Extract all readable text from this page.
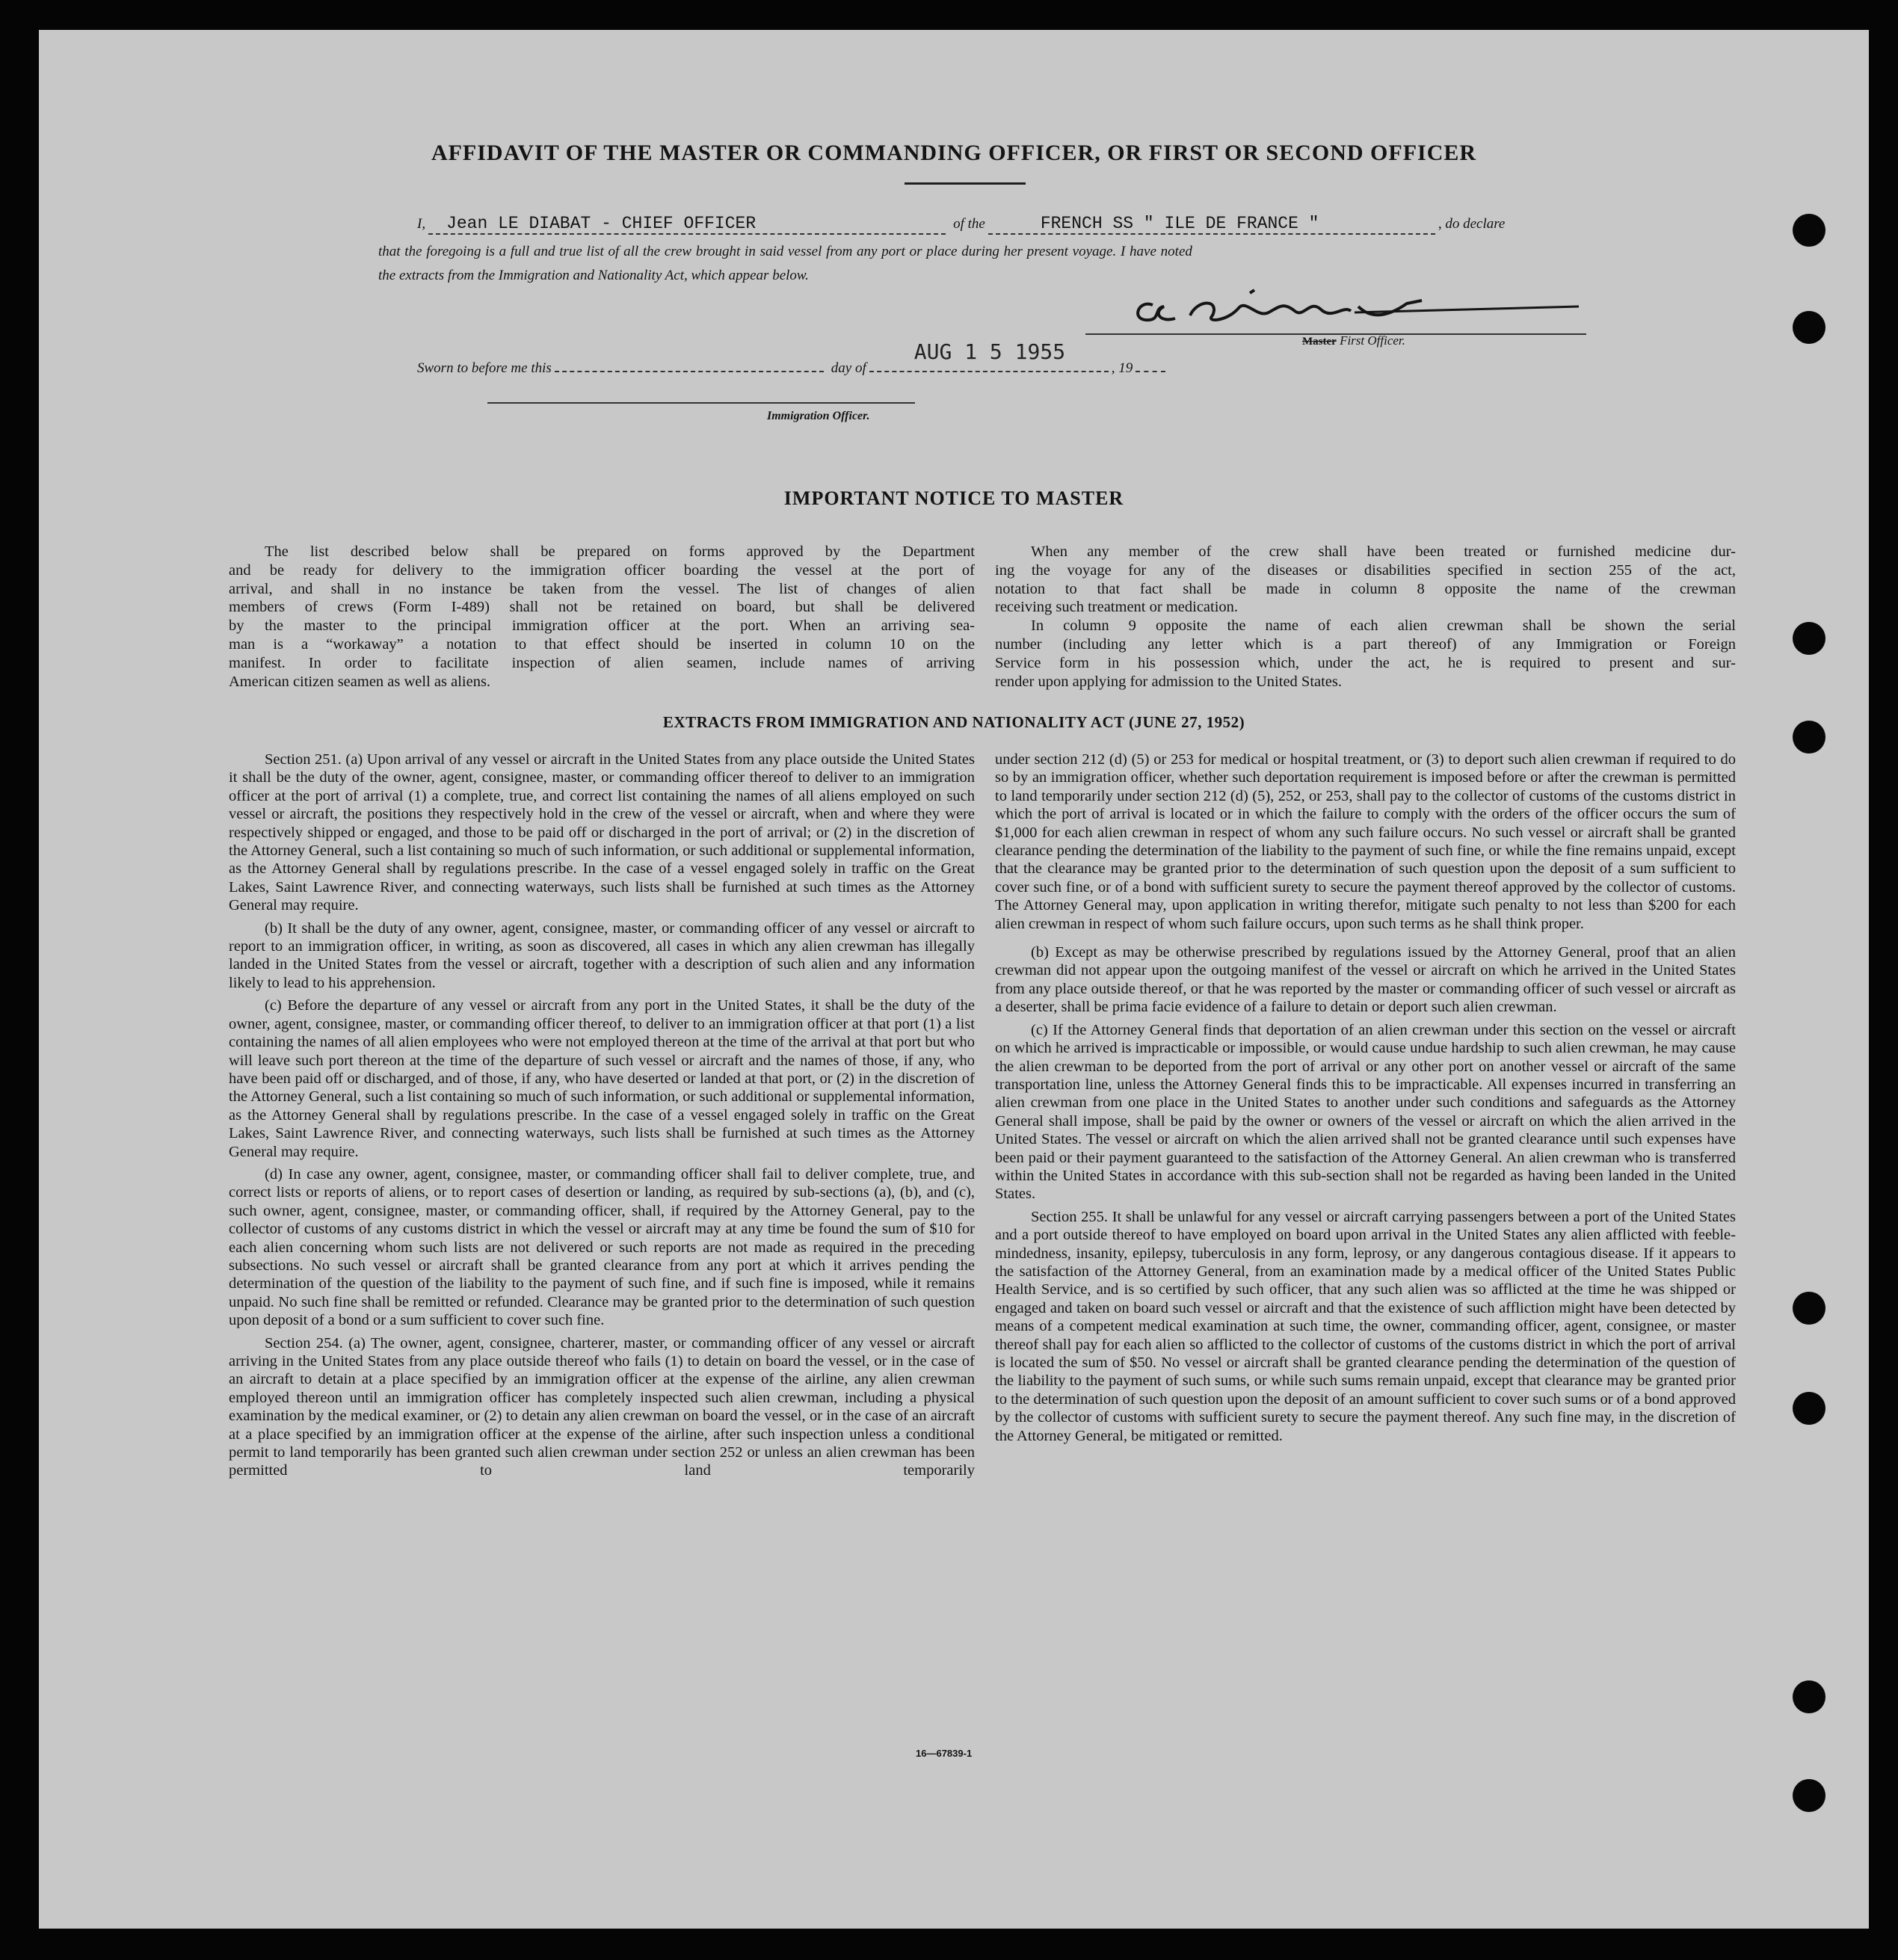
AFFIDAVIT OF THE MASTER OR COMMANDING OFFICER, OR FIRST OR SECOND OFFICER
I, Jean LE DIABAT - CHIEF OFFICER	of the	FRENCH SS " ILE DE FRANCE "	, do declare
that the foregoing is a full and true list of all the crew brought in said vessel from any port or place during her present voyage. I have noted
the extracts from the Immigration and Nationality Act, which appear below.
Master First Officer.
Sworn to before me this	day of
AUG 1 5 1955
, 19
Immigration Officer.
IMPORTANT NOTICE TO MASTER
The list described below shall be prepared on forms approved by the Department
and be ready for delivery to the immigration officer boarding the vessel at the port of
arrival, and shall in no instance be taken from the vessel. The list of changes of alien
members of crews (Form I-489) shall not be retained on board, but shall be delivered
by the master to the principal immigration officer at the port. When an arriving sea-
man is a “workaway” a notation to that effect should be inserted in column 10 on the
manifest. In order to facilitate inspection of alien seamen, include names of arriving
American citizen seamen as well as aliens.
When any member of the crew shall have been treated or furnished medicine dur-
ing the voyage for any of the diseases or disabilities specified in section 255 of the act,
notation to that fact shall be made in column 8 opposite the name of the crewman
receiving such treatment or medication.
In column 9 opposite the name of each alien crewman shall be shown the serial
number (including any letter which is a part thereof) of any Immigration or Foreign
Service form in his possession which, under the act, he is required to present and sur-
render upon applying for admission to the United States.
EXTRACTS FROM IMMIGRATION AND NATIONALITY ACT (JUNE 27, 1952)

Section 251. (a) Upon arrival of any vessel or aircraft in the United States from any place outside the United States it shall be the duty of the owner, agent, consignee, master, or commanding officer thereof to deliver to an immigration officer at the port of arrival (1) a complete, true, and correct list containing the names of all aliens employed on such vessel or aircraft, the positions they respectively hold in the crew of the vessel or aircraft, when and where they were respectively shipped or engaged, and those to be paid off or discharged in the port of arrival; or (2) in the discretion of the Attorney General, such a list containing so much of such information, or such additional or supplemental information, as the Attorney General shall by regulations prescribe. In the case of a vessel engaged solely in traffic on the Great Lakes, Saint Lawrence River, and connecting waterways, such lists shall be furnished at such times as the Attorney General may require.

(b) It shall be the duty of any owner, agent, consignee, master, or commanding officer of any vessel or aircraft to report to an immigration officer, in writing, as soon as discovered, all cases in which any alien crewman has illegally landed in the United States from the vessel or aircraft, together with a description of such alien and any information likely to lead to his apprehension.

(c) Before the departure of any vessel or aircraft from any port in the United States, it shall be the duty of the owner, agent, consignee, master, or commanding officer thereof, to deliver to an immigration officer at that port (1) a list containing the names of all alien employees who were not employed thereon at the time of the arrival at that port but who will leave such port thereon at the time of the departure of such vessel or aircraft and the names of those, if any, who have been paid off or discharged, and of those, if any, who have deserted or landed at that port, or (2) in the discretion of the Attorney General, such a list containing so much of such information, or such additional or supplemental information, as the Attorney General shall by regulations prescribe. In the case of a vessel engaged solely in traffic on the Great Lakes, Saint Lawrence River, and connecting waterways, such lists shall be furnished at such times as the Attorney General may require.

(d) In case any owner, agent, consignee, master, or commanding officer shall fail to deliver complete, true, and correct lists or reports of aliens, or to report cases of desertion or landing, as required by sub-sections (a), (b), and (c), such owner, agent, consignee, master, or commanding officer, shall, if required by the Attorney General, pay to the collector of customs of any customs district in which the vessel or aircraft may at any time be found the sum of $10 for each alien concerning whom such lists are not delivered or such reports are not made as required in the preceding subsections. No such vessel or aircraft shall be granted clearance from any port at which it arrives pending the determination of the question of the liability to the payment of such fine, and if such fine is imposed, while it remains unpaid. No such fine shall be remitted or refunded. Clearance may be granted prior to the determination of such question upon deposit of a bond or a sum sufficient to cover such fine.

Section 254. (a) The owner, agent, consignee, charterer, master, or commanding officer of any vessel or aircraft arriving in the United States from any place outside thereof who fails (1) to detain on board the vessel, or in the case of an aircraft to detain at a place specified by an immigration officer at the expense of the airline, any alien crewman employed thereon until an immigration officer has completely inspected such alien crewman, including a physical examination by the medical examiner, or (2) to detain any alien crewman on board the vessel, or in the case of an aircraft at a place specified by an immigration officer at the expense of the airline, after such inspection unless a conditional permit to land temporarily has been granted such alien crewman under section 252 or unless an alien crewman has been permitted to land temporarily

under section 212 (d) (5) or 253 for medical or hospital treatment, or (3) to deport such alien crewman if required to do so by an immigration officer, whether such deportation requirement is imposed before or after the crewman is permitted to land temporarily under section 212 (d) (5), 252, or 253, shall pay to the collector of customs of the customs district in which the port of arrival is located or in which the failure to comply with the orders of the officer occurs the sum of $1,000 for each alien crewman in respect of whom any such failure occurs. No such vessel or aircraft shall be granted clearance pending the determination of the liability to the payment of such fine, or while the fine remains unpaid, except that the clearance may be granted prior to the determination of such question upon the deposit of a sum sufficient to cover such fine, or of a bond with sufficient surety to secure the payment thereof approved by the collector of customs. The Attorney General may, upon application in writing therefor, mitigate such penalty to not less than $200 for each alien crewman in respect of whom such failure occurs, upon such terms as he shall think proper.

(b) Except as may be otherwise prescribed by regulations issued by the Attorney General, proof that an alien crewman did not appear upon the outgoing manifest of the vessel or aircraft on which he arrived in the United States from any place outside thereof, or that he was reported by the master or commanding officer of such vessel or aircraft as a deserter, shall be prima facie evidence of a failure to detain or deport such alien crewman.

(c) If the Attorney General finds that deportation of an alien crewman under this section on the vessel or aircraft on which he arrived is impracticable or impossible, or would cause undue hardship to such alien crewman, he may cause the alien crewman to be deported from the port of arrival or any other port on another vessel or aircraft of the same transportation line, unless the Attorney General finds this to be impracticable. All expenses incurred in transferring an alien crewman from one place in the United States to another under such conditions and safeguards as the Attorney General shall impose, shall be paid by the owner or owners of the vessel or aircraft on which the alien arrived in the United States. The vessel or aircraft on which the alien arrived shall not be granted clearance until such expenses have been paid or their payment guaranteed to the satisfaction of the Attorney General. An alien crewman who is transferred within the United States in accordance with this sub-section shall not be regarded as having been landed in the United States.

Section 255. It shall be unlawful for any vessel or aircraft carrying passengers between a port of the United States and a port outside thereof to have employed on board upon arrival in the United States any alien afflicted with feeble-mindedness, insanity, epilepsy, tuberculosis in any form, leprosy, or any dangerous contagious disease. If it appears to the satisfaction of the Attorney General, from an examination made by a medical officer of the United States Public Health Service, and is so certified by such officer, that any such alien was so afflicted at the time he was shipped or engaged and taken on board such vessel or aircraft and that the existence of such affliction might have been detected by means of a competent medical examination at such time, the owner, commanding officer, agent, consignee, or master thereof shall pay for each alien so afflicted to the collector of customs of the customs district in which the port of arrival is located the sum of $50. No vessel or aircraft shall be granted clearance pending the determination of the question of the liability to the payment of such sums, or while such sums remain unpaid, except that clearance may be granted prior to the determination of such question upon the deposit of an amount sufficient to cover such sums or of a bond approved by the collector of customs with sufficient surety to secure the payment thereof. Any such fine may, in the discretion of the Attorney General, be mitigated or remitted.

16—67839-1
